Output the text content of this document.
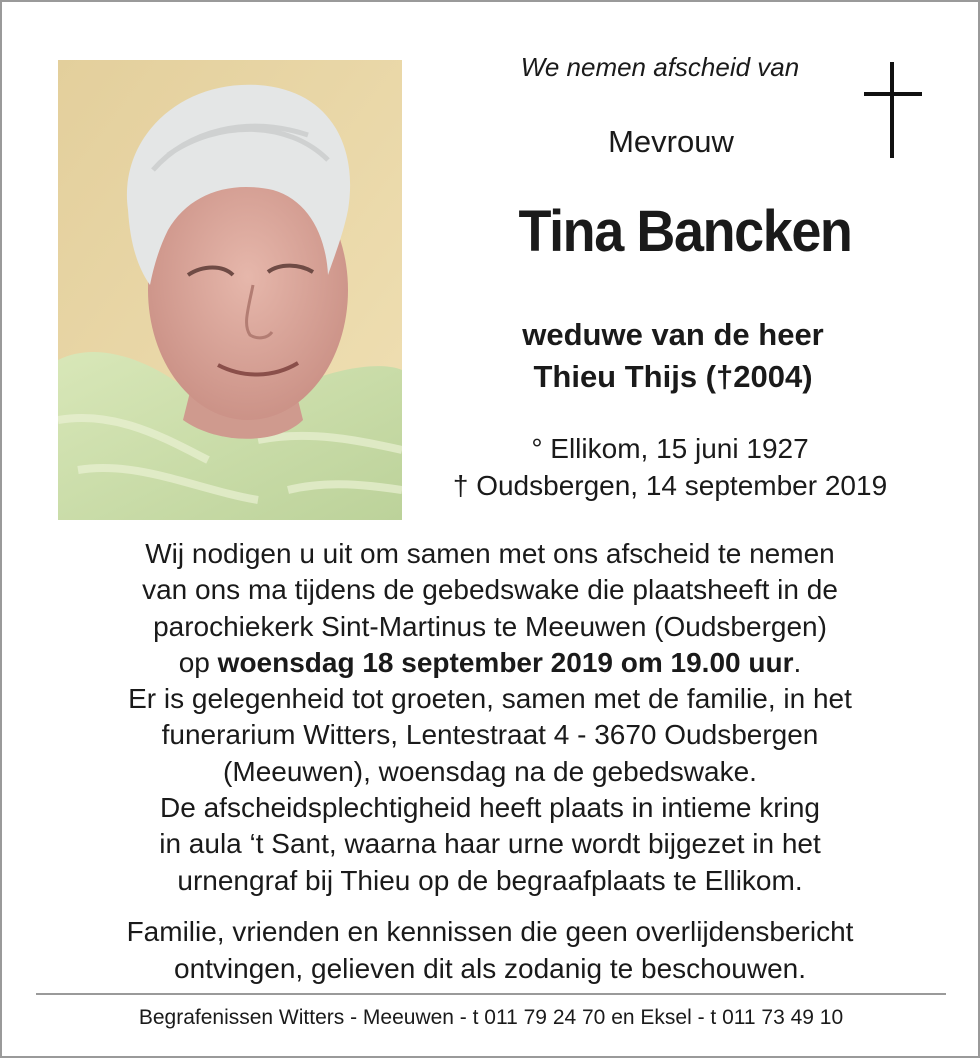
We nemen afscheid van
Mevrouw
Tina Bancken
weduwe van de heer
Thieu Thijs (†2004)
° Ellikom, 15 juni 1927
† Oudsbergen, 14 september 2019
Wij nodigen u uit om samen met ons afscheid te nemen
van ons ma tijdens de gebedswake die plaatsheeft in de
parochiekerk Sint-Martinus te Meeuwen (Oudsbergen)
op woensdag 18 september 2019 om 19.00 uur.
Er is gelegenheid tot groeten, samen met de familie, in het
funerarium Witters, Lentestraat 4 - 3670 Oudsbergen
(Meeuwen), woensdag na de gebedswake.
De afscheidsplechtigheid heeft plaats in intieme kring
in aula ‘t Sant, waarna haar urne wordt bijgezet in het
urnengraf bij Thieu op de begraafplaats te Ellikom.
Familie, vrienden en kennissen die geen overlijdensbericht
ontvingen, gelieven dit als zodanig te beschouwen.
Begrafenissen Witters - Meeuwen - t 011 79 24 70 en Eksel - t 011 73 49 10
